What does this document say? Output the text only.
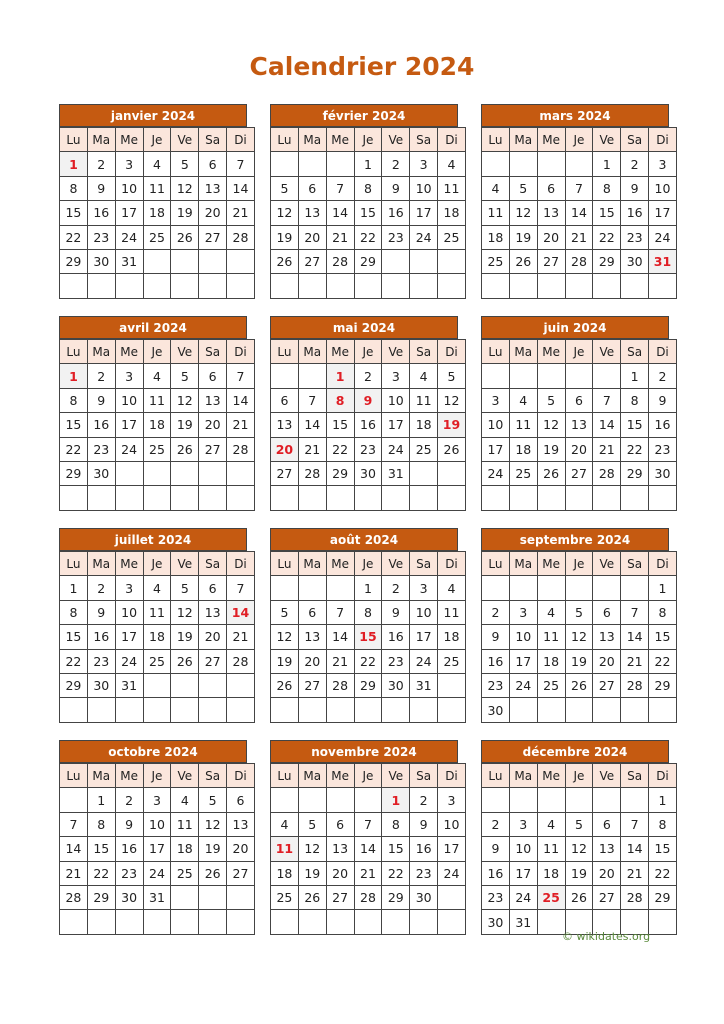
Calendrier 2024
janvier 2024
Lu	Ma	Me	Je	Ve	Sa	Di
1	2	3	4	5	6	7
8	9	10	11	12	13	14
15	16	17	18	19	20	21
22	23	24	25	26	27	28
29	30	31				

février 2024
Lu	Ma	Me	Je	Ve	Sa	Di
			1	2	3	4
5	6	7	8	9	10	11
12	13	14	15	16	17	18
19	20	21	22	23	24	25
26	27	28	29			

mars 2024
Lu	Ma	Me	Je	Ve	Sa	Di
				1	2	3
4	5	6	7	8	9	10
11	12	13	14	15	16	17
18	19	20	21	22	23	24
25	26	27	28	29	30	31

avril 2024
Lu	Ma	Me	Je	Ve	Sa	Di
1	2	3	4	5	6	7
8	9	10	11	12	13	14
15	16	17	18	19	20	21
22	23	24	25	26	27	28
29	30					

mai 2024
Lu	Ma	Me	Je	Ve	Sa	Di
		1	2	3	4	5
6	7	8	9	10	11	12
13	14	15	16	17	18	19
20	21	22	23	24	25	26
27	28	29	30	31		

juin 2024
Lu	Ma	Me	Je	Ve	Sa	Di
					1	2
3	4	5	6	7	8	9
10	11	12	13	14	15	16
17	18	19	20	21	22	23
24	25	26	27	28	29	30

juillet 2024
Lu	Ma	Me	Je	Ve	Sa	Di
1	2	3	4	5	6	7
8	9	10	11	12	13	14
15	16	17	18	19	20	21
22	23	24	25	26	27	28
29	30	31				

août 2024
Lu	Ma	Me	Je	Ve	Sa	Di
			1	2	3	4
5	6	7	8	9	10	11
12	13	14	15	16	17	18
19	20	21	22	23	24	25
26	27	28	29	30	31	

septembre 2024
Lu	Ma	Me	Je	Ve	Sa	Di
						1
2	3	4	5	6	7	8
9	10	11	12	13	14	15
16	17	18	19	20	21	22
23	24	25	26	27	28	29
30						
octobre 2024
Lu	Ma	Me	Je	Ve	Sa	Di
	1	2	3	4	5	6
7	8	9	10	11	12	13
14	15	16	17	18	19	20
21	22	23	24	25	26	27
28	29	30	31			

novembre 2024
Lu	Ma	Me	Je	Ve	Sa	Di
				1	2	3
4	5	6	7	8	9	10
11	12	13	14	15	16	17
18	19	20	21	22	23	24
25	26	27	28	29	30	

décembre 2024
Lu	Ma	Me	Je	Ve	Sa	Di
						1
2	3	4	5	6	7	8
9	10	11	12	13	14	15
16	17	18	19	20	21	22
23	24	25	26	27	28	29
30	31					
© wikidates.org
